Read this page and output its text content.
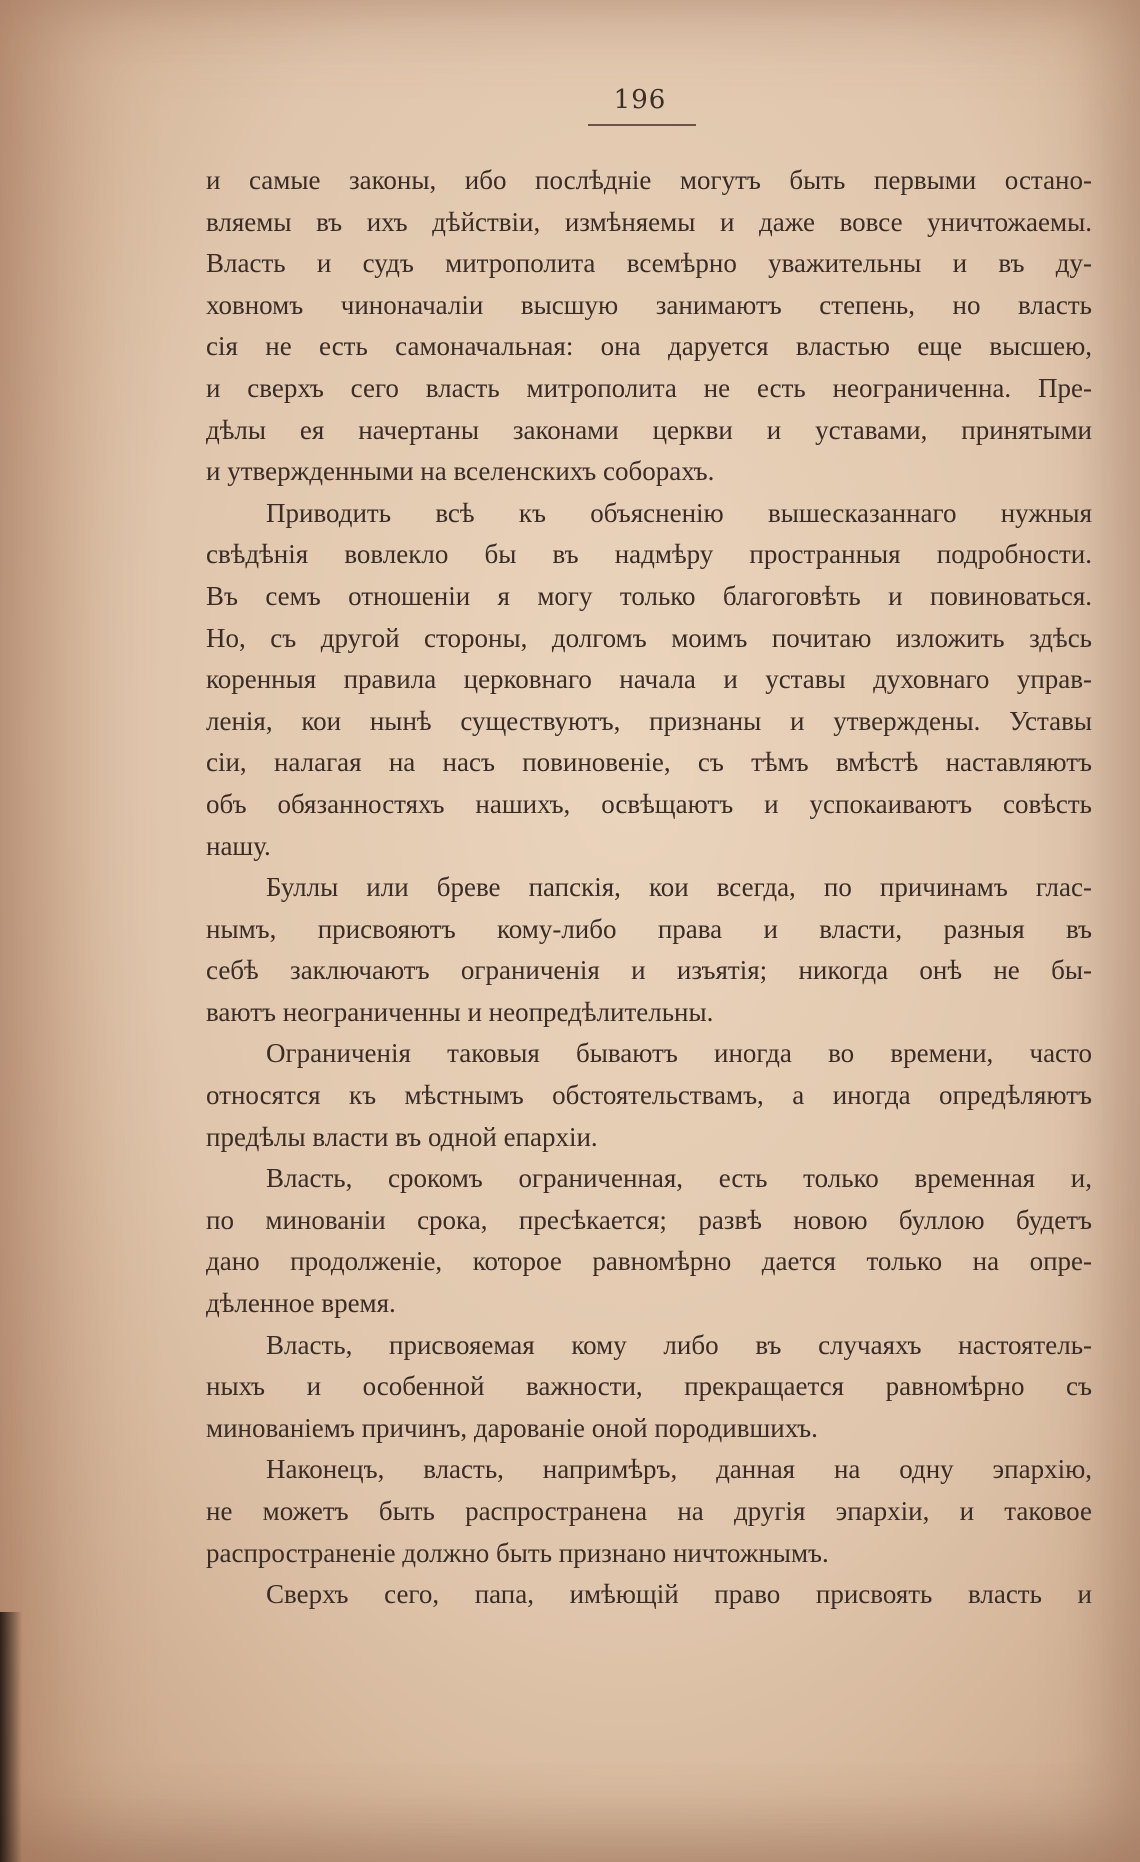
196
и самые законы, ибо послѣдніе могутъ быть первыми остано-
вляемы въ ихъ дѣйствіи, измѣняемы и даже вовсе уничтожаемы.
Власть и судъ митрополита всемѣрно уважительны и въ ду-
ховномъ чиноначаліи высшую занимаютъ степень, но власть
сія не есть самоначальная: она даруется властью еще высшею,
и сверхъ сего власть митрополита не есть неограниченна. Пре-
дѣлы ея начертаны законами церкви и уставами, принятыми
и утвержденными на вселенскихъ соборахъ.
Приводить всѣ къ объясненію вышесказаннаго нужныя
свѣдѣнія вовлекло бы въ надмѣру пространныя подробности.
Въ семъ отношеніи я могу только благоговѣть и повиноваться.
Но, съ другой стороны, долгомъ моимъ почитаю изложить здѣсь
коренныя правила церковнаго начала и уставы духовнаго управ-
ленія, кои нынѣ существуютъ, признаны и утверждены. Уставы
сіи, налагая на насъ повиновеніе, съ тѣмъ вмѣстѣ наставляютъ
объ обязанностяхъ нашихъ, освѣщаютъ и успокаиваютъ совѣсть
нашу.
Буллы или бреве папскія, кои всегда, по причинамъ глас-
нымъ, присвояютъ кому-либо права и власти, разныя въ
себѣ заключаютъ ограниченія и изъятія; никогда онѣ не бы-
ваютъ неограниченны и неопредѣлительны.
Ограниченія таковыя бываютъ иногда во времени, часто
относятся къ мѣстнымъ обстоятельствамъ, а иногда опредѣляютъ
предѣлы власти въ одной епархіи.
Власть, срокомъ ограниченная, есть только временная и,
по минованіи срока, пресѣкается; развѣ новою буллою будетъ
дано продолженіе, которое равномѣрно дается только на опре-
дѣленное время.
Власть, присвояемая кому либо въ случаяхъ настоятель-
ныхъ и особенной важности, прекращается равномѣрно съ
минованіемъ причинъ, дарованіе оной породившихъ.
Наконецъ, власть, напримѣръ, данная на одну эпархію,
не можетъ быть распространена на другія эпархіи, и таковое
распространеніе должно быть признано ничтожнымъ.
Сверхъ сего, папа, имѣющій право присвоять власть и
